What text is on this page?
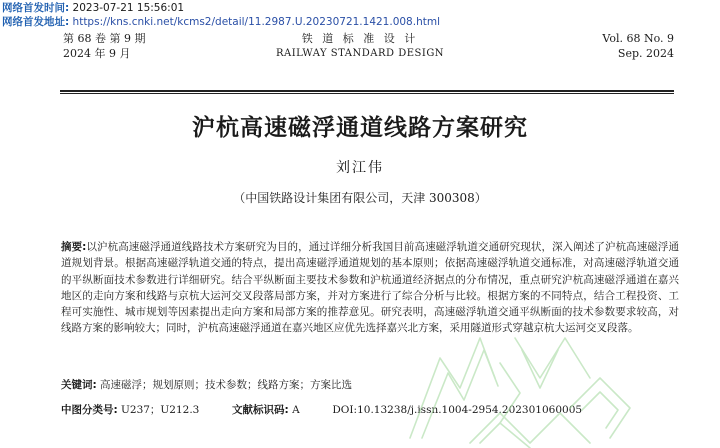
网络首发时间: 2023-07-21 15:56:01
网络首发地址: https://kns.cnki.net/kcms2/detail/11.2987.U.20230721.1421.008.html
第 68 卷 第 9 期
2024 年 9 月
铁 道 标 准 设 计
RAILWAY STANDARD DESIGN
Vol. 68 No. 9
Sep. 2024
沪杭高速磁浮通道线路方案研究
刘江伟
（中国铁路设计集团有限公司，天津 300308）
摘要:以沪杭高速磁浮通道线路技术方案研究为目的，通过详细分析我国目前高速磁浮轨道交通研究现状，深入阐述了沪杭高速磁浮通道规划背景。根据高速磁浮轨道交通的特点，提出高速磁浮通道规划的基本原则；依据高速磁浮轨道交通标准，对高速磁浮轨道交通的平纵断面技术参数进行详细研究。结合平纵断面主要技术参数和沪杭通道经济据点的分布情况，重点研究沪杭高速磁浮通道在嘉兴地区的走向方案和线路与京杭大运河交叉段落局部方案，并对方案进行了综合分析与比较。根据方案的不同特点，结合工程投资、工程可实施性、城市规划等因素提出走向方案和局部方案的推荐意见。研究表明，高速磁浮轨道交通平纵断面的技术参数要求较高，对线路方案的影响较大；同时，沪杭高速磁浮通道在嘉兴地区应优先选择嘉兴北方案，采用隧道形式穿越京杭大运河交叉段落。
关键词: 高速磁浮；规划原则；技术参数；线路方案；方案比选
中图分类号: U237；U212.3	文献标识码: A	DOI:10.13238/j.issn.1004-2954.202301060005
